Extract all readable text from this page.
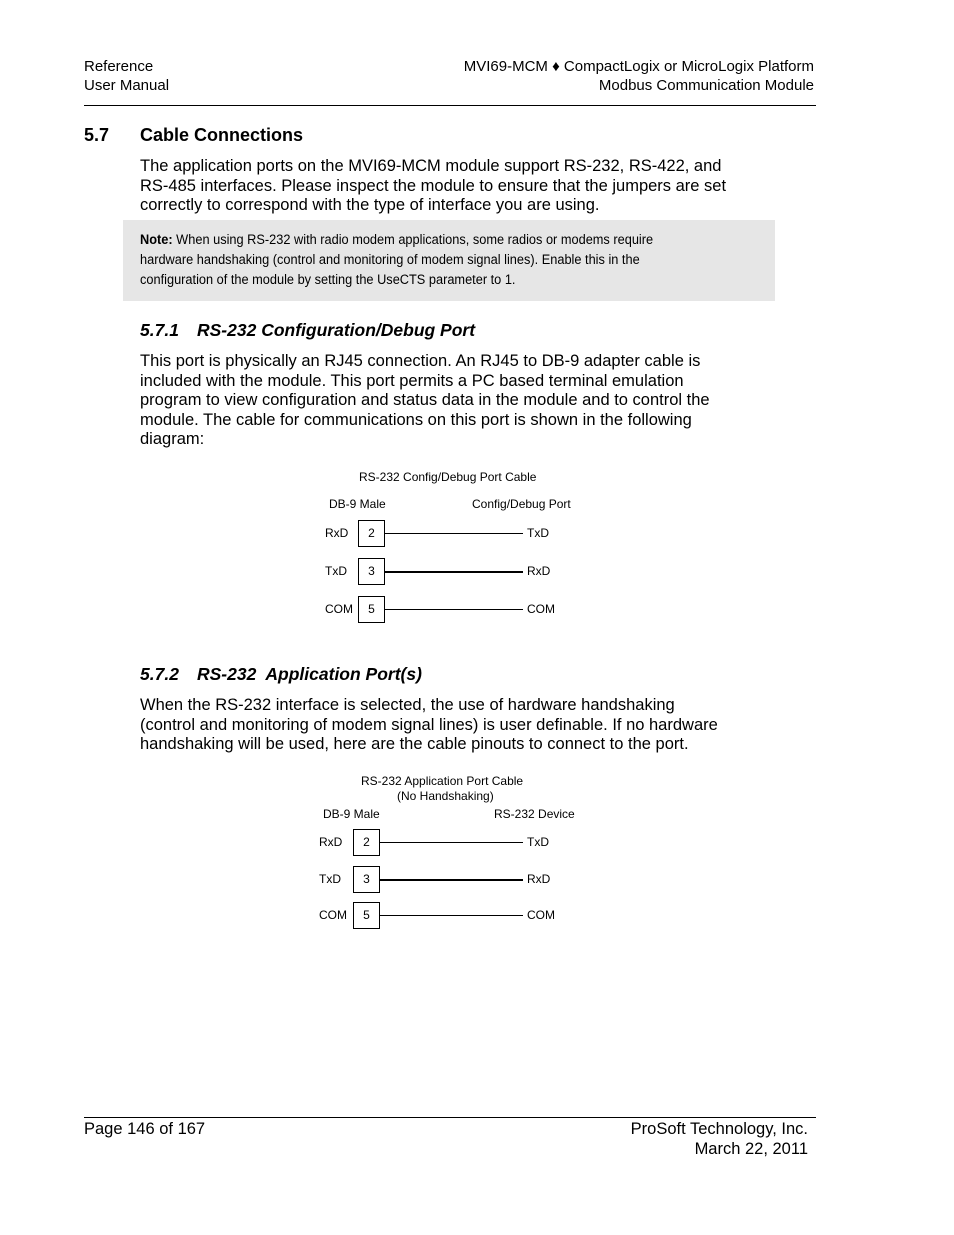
Reference
User Manual
MVI69-MCM ♦ CompactLogix or MicroLogix Platform
Modbus Communication Module
5.7 Cable Connections
The application ports on the MVI69-MCM module support RS-232, RS-422, and
RS-485 interfaces. Please inspect the module to ensure that the jumpers are set
correctly to correspond with the type of interface you are using.
Note: When using RS-232 with radio modem applications, some radios or modems require
hardware handshaking (control and monitoring of modem signal lines). Enable this in the
configuration of the module by setting the UseCTS parameter to 1.
5.7.1 RS-232 Configuration/Debug Port
This port is physically an RJ45 connection. An RJ45 to DB-9 adapter cable is
included with the module. This port permits a PC based terminal emulation
program to view configuration and status data in the module and to control the
module. The cable for communications on this port is shown in the following
diagram:
RS-232 Config/Debug Port Cable
DB-9 Male	Config/Debug Port
RxD	2	TxD
TxD	3	RxD
COM	5	COM
5.7.2 RS-232  Application Port(s)
When the RS-232 interface is selected, the use of hardware handshaking
(control and monitoring of modem signal lines) is user definable. If no hardware
handshaking will be used, here are the cable pinouts to connect to the port.
RS-232 Application Port Cable
(No Handshaking)
DB-9 Male	RS-232 Device
RxD	2	TxD
TxD	3	RxD
COM	5	COM
Page 146 of 167	ProSoft Technology, Inc.
March 22, 2011
